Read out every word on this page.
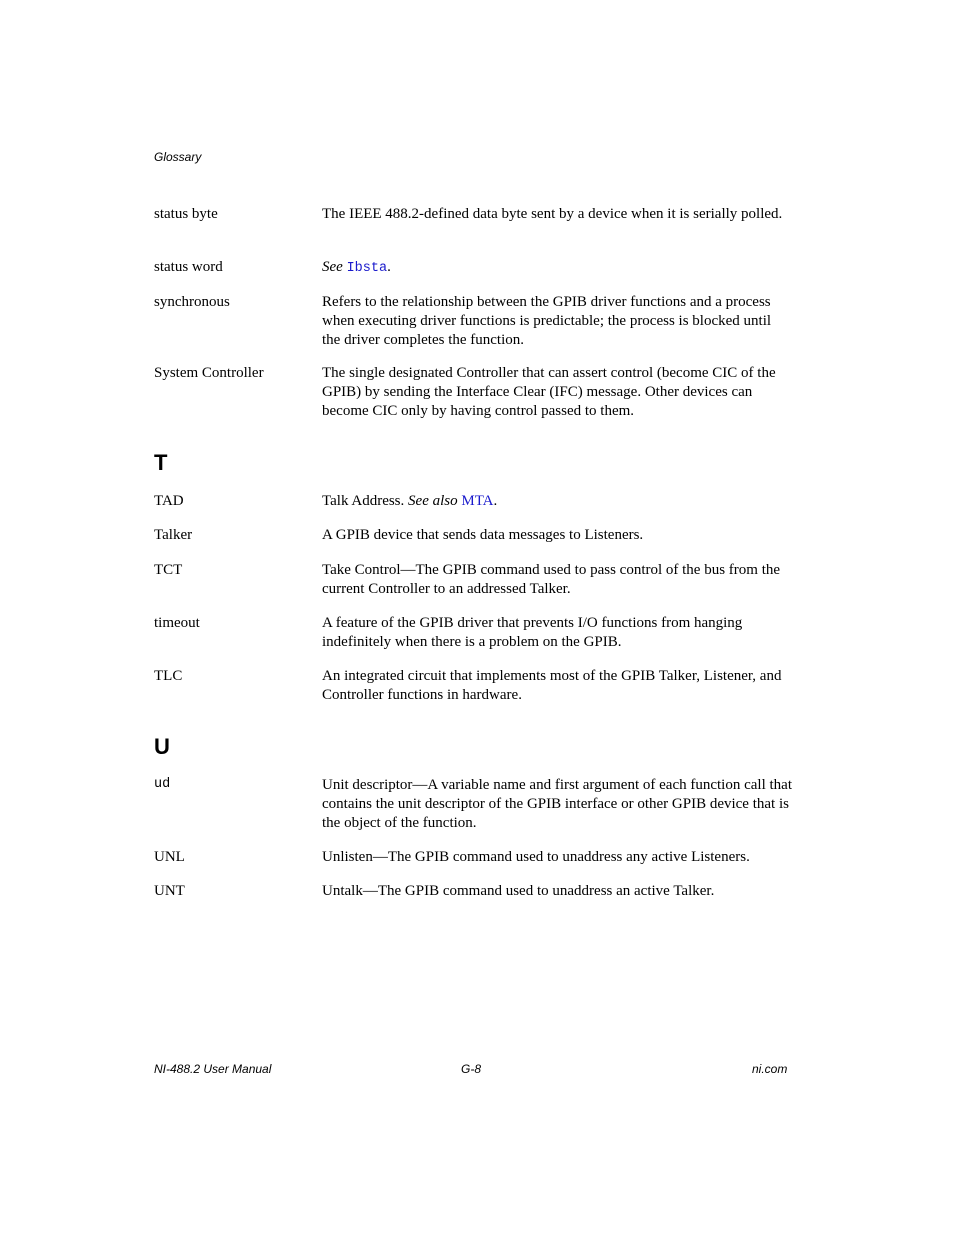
Glossary
status byte	The IEEE 488.2-defined data byte sent by a device when it is serially polled.
status word	See Ibsta.
synchronous	Refers to the relationship between the GPIB driver functions and a process when executing driver functions is predictable; the process is blocked until the driver completes the function.
System Controller	The single designated Controller that can assert control (become CIC of the GPIB) by sending the Interface Clear (IFC) message. Other devices can become CIC only by having control passed to them.
T
TAD	Talk Address. See also MTA.
Talker	A GPIB device that sends data messages to Listeners.
TCT	Take Control—The GPIB command used to pass control of the bus from the current Controller to an addressed Talker.
timeout	A feature of the GPIB driver that prevents I/O functions from hanging indefinitely when there is a problem on the GPIB.
TLC	An integrated circuit that implements most of the GPIB Talker, Listener, and Controller functions in hardware.
U
ud	Unit descriptor—A variable name and first argument of each function call that contains the unit descriptor of the GPIB interface or other GPIB device that is the object of the function.
UNL	Unlisten—The GPIB command used to unaddress any active Listeners.
UNT	Untalk—The GPIB command used to unaddress an active Talker.
NI-488.2 User Manual	G-8	ni.com
